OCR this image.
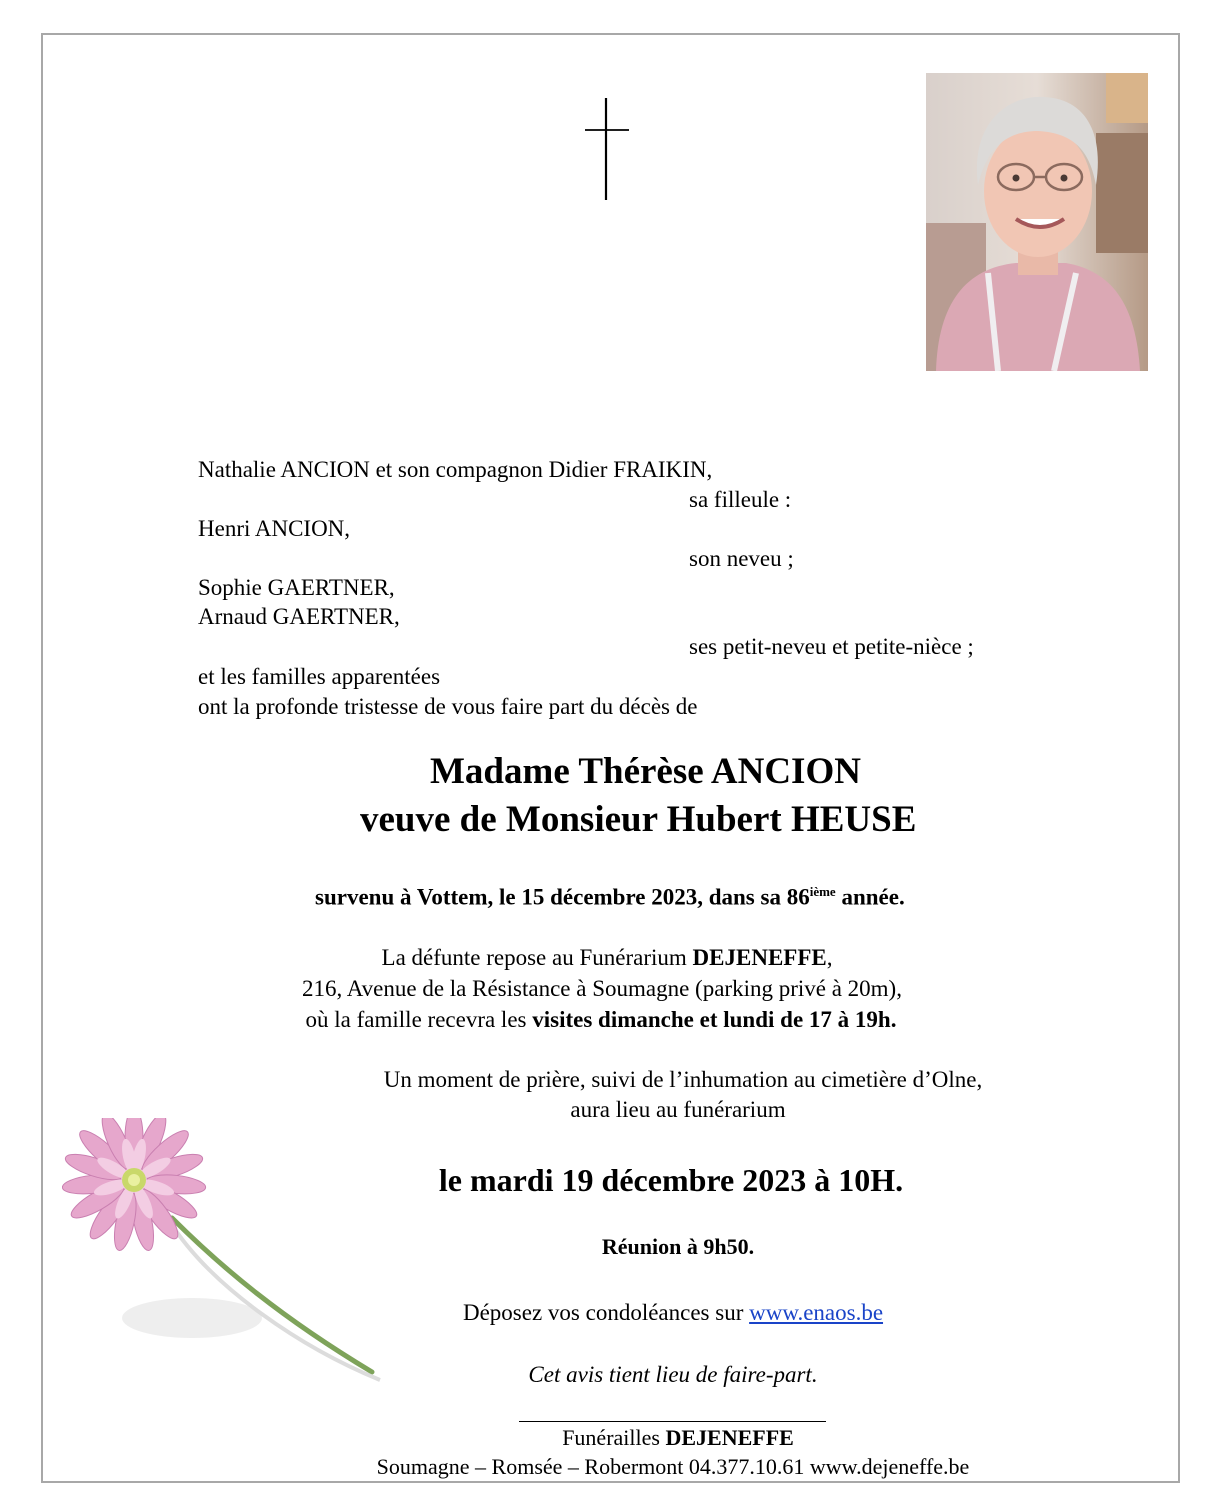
Nathalie ANCION et son compagnon Didier FRAIKIN,
sa filleule :
Henri ANCION,
son neveu ;
Sophie GAERTNER,
Arnaud GAERTNER,
ses petit-neveu et petite-nièce ;
et les familles apparentées
ont la profonde tristesse de vous faire part du décès de
Madame Thérèse ANCION
veuve de Monsieur Hubert HEUSE
survenu à Vottem, le 15 décembre 2023, dans sa 86ième année.
La défunte repose au Funérarium DEJENEFFE,
216, Avenue de la Résistance à Soumagne (parking privé à 20m),
où la famille recevra les visites dimanche et lundi de 17 à 19h.
Un moment de prière, suivi de l’inhumation au cimetière d’Olne,
aura lieu au funérarium
le mardi 19 décembre 2023 à 10H.
Réunion à 9h50.
Déposez vos condoléances sur www.enaos.be
Cet avis tient lieu de faire-part.
Funérailles DEJENEFFE
Soumagne – Romsée – Robermont 04.377.10.61 www.dejeneffe.be
